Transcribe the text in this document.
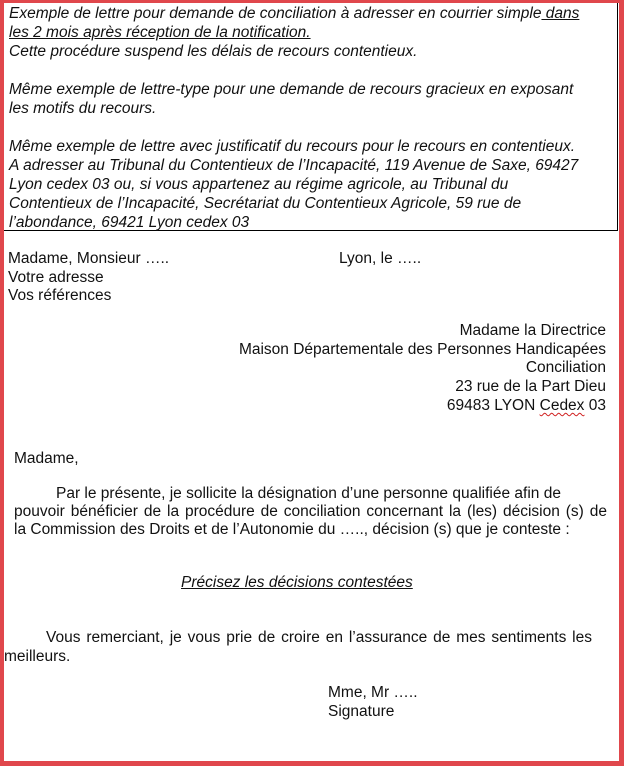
Exemple de lettre pour demande de conciliation à adresser en courrier simple dans

les 2 mois après réception de la notification.

Cette procédure suspend les délais de recours contentieux.

Même exemple de lettre-type pour une demande de recours gracieux en exposant

les motifs du recours.

Même exemple de lettre avec justificatif du recours pour le recours en contentieux.

A adresser au Tribunal du Contentieux de l’Incapacité, 119 Avenue de Saxe, 69427

Lyon cedex 03 ou, si vous appartenez au régime agricole, au Tribunal du

Contentieux de l’Incapacité, Secrétariat du Contentieux Agricole, 59 rue de

l’abondance, 69421 Lyon cedex 03

Madame, Monsieur …..
Votre adresse
Vos références
Lyon, le …..
Madame la Directrice
Maison Départementale des Personnes Handicapées
Conciliation
23 rue de la Part Dieu
69483 LYON Cedex 03
Madame,
Par le présente, je sollicite la désignation d’une personne qualifiée afin de
pouvoir bénéficier de la procédure de conciliation concernant la (les) décision (s) de
la Commission des Droits et de l’Autonomie du ….., décision (s) que je conteste :
Précisez les décisions contestées
Vous remerciant, je vous prie de croire en l’assurance de mes sentiments les
meilleurs.
Mme, Mr …..
Signature
